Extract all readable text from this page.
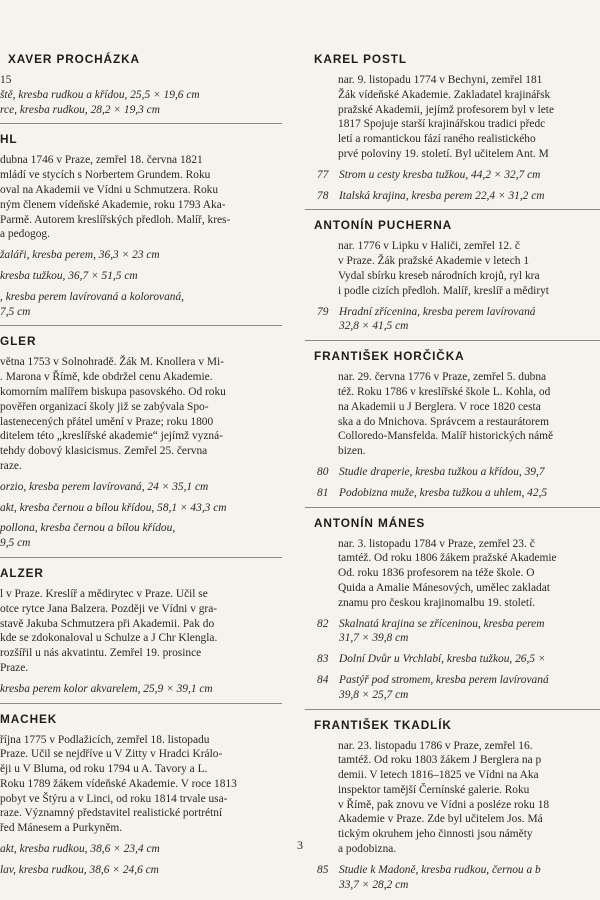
XAVER PROCHÁZKA
15
ště, kresba rudkou a křídou, 25,5 × 19,6 cm
rce, kresba rudkou, 28,2 × 19,3 cm
HL
dubna 1746 v Praze, zemřel 18. června 1821
mládí ve stycích s Norbertem Grundem. Roku
oval na Akademii ve Vídni u Schmutzera. Roku
ným členem vídeňské Akademie, roku 1793 Aka-
Parmě. Autorem kreslířských předloh. Malíř, kres-
a pedogog.
žaláři, kresba perem, 36,3 × 23 cm
kresba tužkou, 36,7 × 51,5 cm
, kresba perem lavírovaná a kolorovaná,
7,5 cm
GLER
větna 1753 v Solnohradě. Žák M. Knollera v Mi-
. Marona v Římě, kde obdržel cenu Akademie.
komorním malířem biskupa pasovského. Od roku
pověřen organizací školy již se zabývala Spo-
lastenecených přátel umění v Praze; roku 1800
ditelem této „kreslířské akademie“ jejímž vyzná-
tehdy dobový klasicismus. Zemřel 25. června
raze.
orzio, kresba perem lavírovaná, 24 × 35,1 cm
akt, kresba černou a bílou křídou, 58,1 × 43,3 cm
pollona, kresba černou a bílou křídou,
9,5 cm
ALZER
l v Praze. Kreslíř a mědirytec v Praze. Učil se
otce rytce Jana Balzera. Později ve Vídni v gra-
stavě Jakuba Schmutzera při Akademii. Pak do
kde se zdokonaloval u Schulze a J Chr Klengla.
rozšířil u nás akvatintu. Zemřel 19. prosince
Praze.
kresba perem kolor akvarelem, 25,9 × 39,1 cm
MACHEK
října 1775 v Podlažicích, zemřel 18. listopadu
Praze. Učil se nejdříve u V Zitty v Hradci Králo-
ěji u V Bluma, od roku 1794 u A. Tavory a L.
Roku 1789 žákem vídeňské Akademie. V roce 1813
pobyt ve Štýru a v Linci, od roku 1814 trvale usa-
raze. Významný představitel realistické portrétní
řed Mánesem a Purkyněm.
akt, kresba rudkou, 38,6 × 23,4 cm
lav, kresba rudkou, 38,6 × 24,6 cm
KAREL POSTL
nar. 9. listopadu 1774 v Bechyni, zemřel 181
Žák vídeňské Akademie. Zakladatel krajinářsk
pražské Akademii, jejímž profesorem byl v lete
1817 Spojuje starší krajinářskou tradici předc
letí a romantickou fází raného realistického
prvé poloviny 19. století. Byl učitelem Ant. M
77 Strom u cesty kresba tužkou, 44,2 × 32,7 cm
78 Italská krajina, kresba perem 22,4 × 31,2 cm
ANTONÍN PUCHERNA
nar. 1776 v Lipku v Haliči, zemřel 12. č
v Praze. Žák pražské Akademie v letech 1
Vydal sbírku kreseb národních krojů, ryl kra
i podle cizích předloh. Malíř, kreslíř a mědiryt
79 Hradní zřícenina, kresba perem lavírovaná
32,8 × 41,5 cm
FRANTIŠEK HORČIČKA
nar. 29. června 1776 v Praze, zemřel 5. dubna
též. Roku 1786 v kreslířské škole L. Kohla, od
na Akademii u J Berglera. V roce 1820 cesta
ska a do Mnichova. Správcem a restaurátorem
Colloredo-Mansfelda. Malíř historických námě
bizen.
80 Studie draperie, kresba tužkou a křídou, 39,7
81 Podobizna muže, kresba tužkou a uhlem, 42,5
ANTONÍN MÁNES
nar. 3. listopadu 1784 v Praze, zemřel 23. č
tamtéž. Od roku 1806 žákem pražské Akademie
Od. roku 1836 profesorem na téže škole. O
Quida a Amalie Mánesových, umělec zakladat
znamu pro českou krajinomalbu 19. století.
82 Skalnatá krajina se zříceninou, kresba perem
31,7 × 39,8 cm
83 Dolní Dvůr u Vrchlabí, kresba tužkou, 26,5 ×
84 Pastýř pod stromem, kresba perem lavírovaná
39,8 × 25,7 cm
FRANTIŠEK TKADLÍK
nar. 23. listopadu 1786 v Praze, zemřel 16.
tamtéž. Od roku 1803 žákem J Berglera na p
demii. V letech 1816–1825 ve Vídni na Aka
inspektor tamější Černínské galerie. Roku
v Římě, pak znovu ve Vídni a posléze roku 18
Akademie v Praze. Zde byl učitelem Jos. Má
tickým okruhem jeho činnosti jsou náměty
a podobizna.
85 Studie k Madoně, kresba rudkou, černou a b
33,7 × 28,2 cm
3
